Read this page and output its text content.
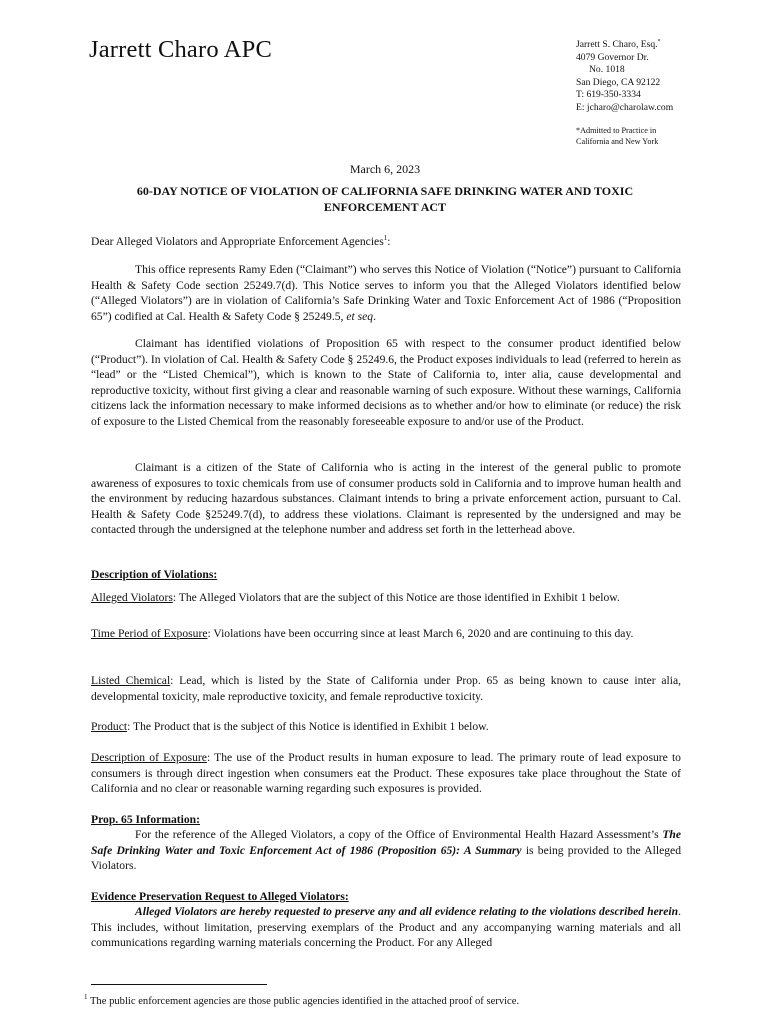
Jarrett Charo APC	Jarrett S. Charo, Esq.*
4079 Governor Dr.
No. 1018
San Diego, CA 92122
T: 619-350-3334
E: jcharo@charolaw.com
*Admitted to Practice in
California and New York
March 6, 2023
60-DAY NOTICE OF VIOLATION OF CALIFORNIA SAFE DRINKING WATER AND TOXIC ENFORCEMENT ACT
Dear Alleged Violators and Appropriate Enforcement Agencies$^1$:
This office represents Ramy Eden (“Claimant”) who serves this Notice of Violation (“Notice”) pursuant to California Health & Safety Code section 25249.7(d). This Notice serves to inform you that the Alleged Violators identified below (“Alleged Violators”) are in violation of California’s Safe Drinking Water and Toxic Enforcement Act of 1986 (“Proposition 65”) codified at Cal. Health & Safety Code § 25249.5, et seq.
Claimant has identified violations of Proposition 65 with respect to the consumer product identified below (“Product”). In violation of Cal. Health & Safety Code § 25249.6, the Product exposes individuals to lead (referred to herein as “lead” or the “Listed Chemical”), which is known to the State of California to, inter alia, cause developmental and reproductive toxicity, without first giving a clear and reasonable warning of such exposure. Without these warnings, California citizens lack the information necessary to make informed decisions as to whether and/or how to eliminate (or reduce) the risk of exposure to the Listed Chemical from the reasonably foreseeable exposure to and/or use of the Product.
Claimant is a citizen of the State of California who is acting in the interest of the general public to promote awareness of exposures to toxic chemicals from use of consumer products sold in California and to improve human health and the environment by reducing hazardous substances. Claimant intends to bring a private enforcement action, pursuant to Cal. Health & Safety Code §25249.7(d), to address these violations. Claimant is represented by the undersigned and may be contacted through the undersigned at the telephone number and address set forth in the letterhead above.
Description of Violations:
Alleged Violators: The Alleged Violators that are the subject of this Notice are those identified in Exhibit 1 below.
Time Period of Exposure: Violations have been occurring since at least March 6, 2020 and are continuing to this day.
Listed Chemical: Lead, which is listed by the State of California under Prop. 65 as being known to cause inter alia, developmental toxicity, male reproductive toxicity, and female reproductive toxicity.
Product: The Product that is the subject of this Notice is identified in Exhibit 1 below.
Description of Exposure: The use of the Product results in human exposure to lead. The primary route of lead exposure to consumers is through direct ingestion when consumers eat the Product. These exposures take place throughout the State of California and no clear or reasonable warning regarding such exposures is provided.
Prop. 65 Information:
For the reference of the Alleged Violators, a copy of the Office of Environmental Health Hazard Assessment’s The Safe Drinking Water and Toxic Enforcement Act of 1986 (Proposition 65): A Summary is being provided to the Alleged Violators.
Evidence Preservation Request to Alleged Violators:
Alleged Violators are hereby requested to preserve any and all evidence relating to the violations described herein. This includes, without limitation, preserving exemplars of the Product and any accompanying warning materials and all communications regarding warning materials concerning the Product. For any Alleged
$^1$ The public enforcement agencies are those public agencies identified in the attached proof of service.
